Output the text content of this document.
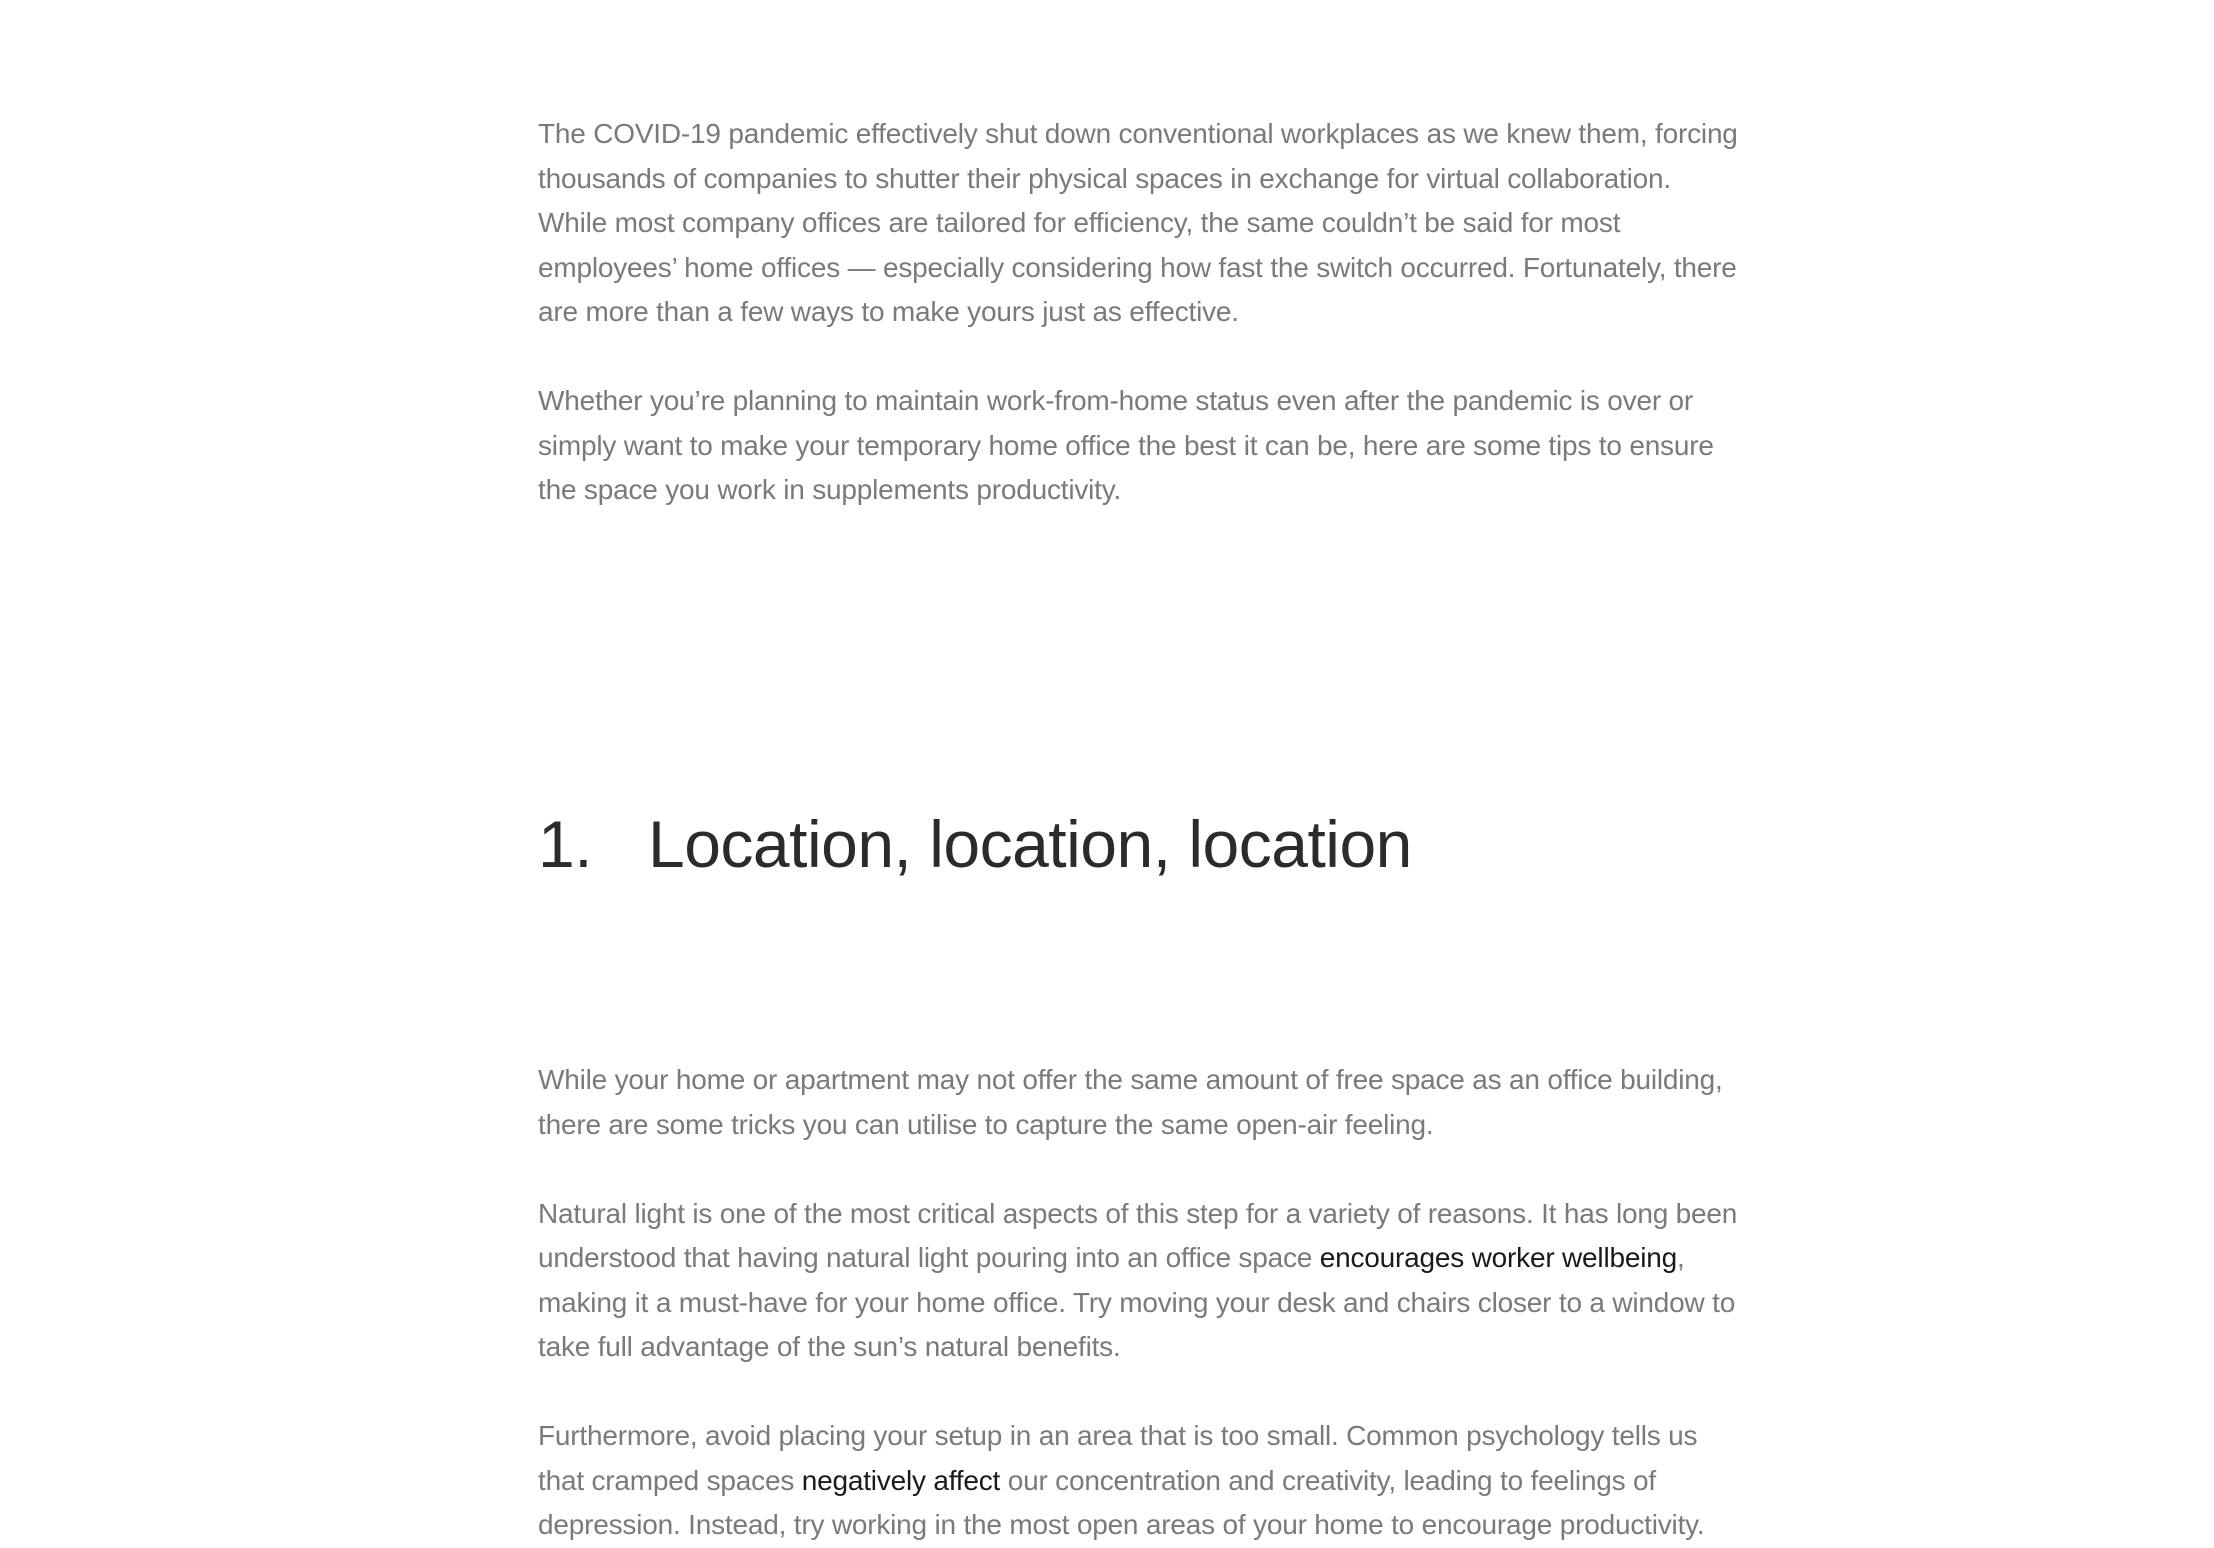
The COVID-19 pandemic effectively shut down conventional workplaces as we knew them, forcing thousands of companies to shutter their physical spaces in exchange for virtual collaboration. While most company offices are tailored for efficiency, the same couldn’t be said for most employees’ home offices — especially considering how fast the switch occurred. Fortunately, there are more than a few ways to make yours just as effective.

Whether you’re planning to maintain work-from-home status even after the pandemic is over or simply want to make your temporary home office the best it can be, here are some tips to ensure the space you work in supplements productivity.

1. Location, location, location

While your home or apartment may not offer the same amount of free space as an office building, there are some tricks you can utilise to capture the same open-air feeling.

Natural light is one of the most critical aspects of this step for a variety of reasons. It has long been understood that having natural light pouring into an office space encourages worker wellbeing, making it a must-have for your home office. Try moving your desk and chairs closer to a window to take full advantage of the sun’s natural benefits.

Furthermore, avoid placing your setup in an area that is too small. Common psychology tells us that cramped spaces negatively affect our concentration and creativity, leading to feelings of depression. Instead, try working in the most open areas of your home to encourage productivity.
